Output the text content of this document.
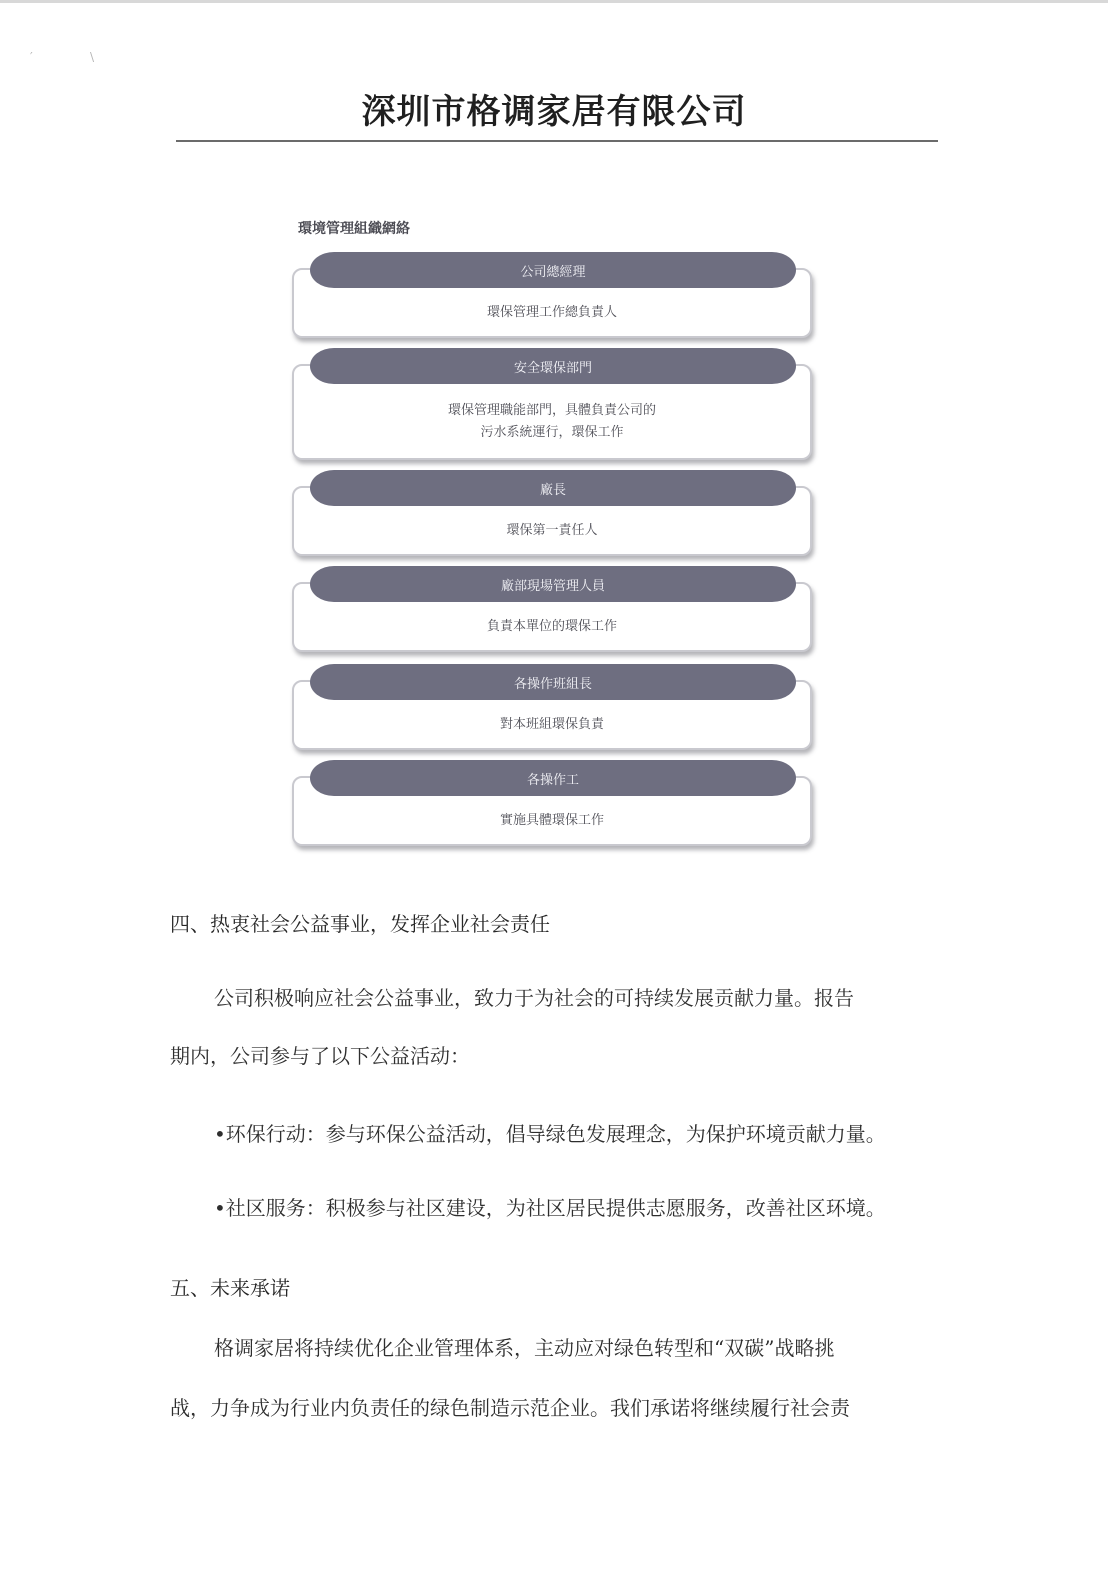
′	\
深圳市格调家居有限公司
環境管理組織網絡
環保管理工作總負責人
公司總經理
環保管理職能部門，具體負責公司的
污水系統運行，環保工作
安全環保部門
環保第一責任人
廠長
負責本單位的環保工作
廠部現場管理人員
對本班組環保負責
各操作班組長
實施具體環保工作
各操作工
四、热衷社会公益事业，发挥企业社会责任
公司积极响应社会公益事业，致力于为社会的可持续发展贡献力量。报告
期内，公司参与了以下公益活动：
•环保行动：参与环保公益活动，倡导绿色发展理念，为保护环境贡献力量。
•社区服务：积极参与社区建设，为社区居民提供志愿服务，改善社区环境。
五、未来承诺
格调家居将持续优化企业管理体系，主动应对绿色转型和“双碳”战略挑
战，力争成为行业内负责任的绿色制造示范企业。我们承诺将继续履行社会责
